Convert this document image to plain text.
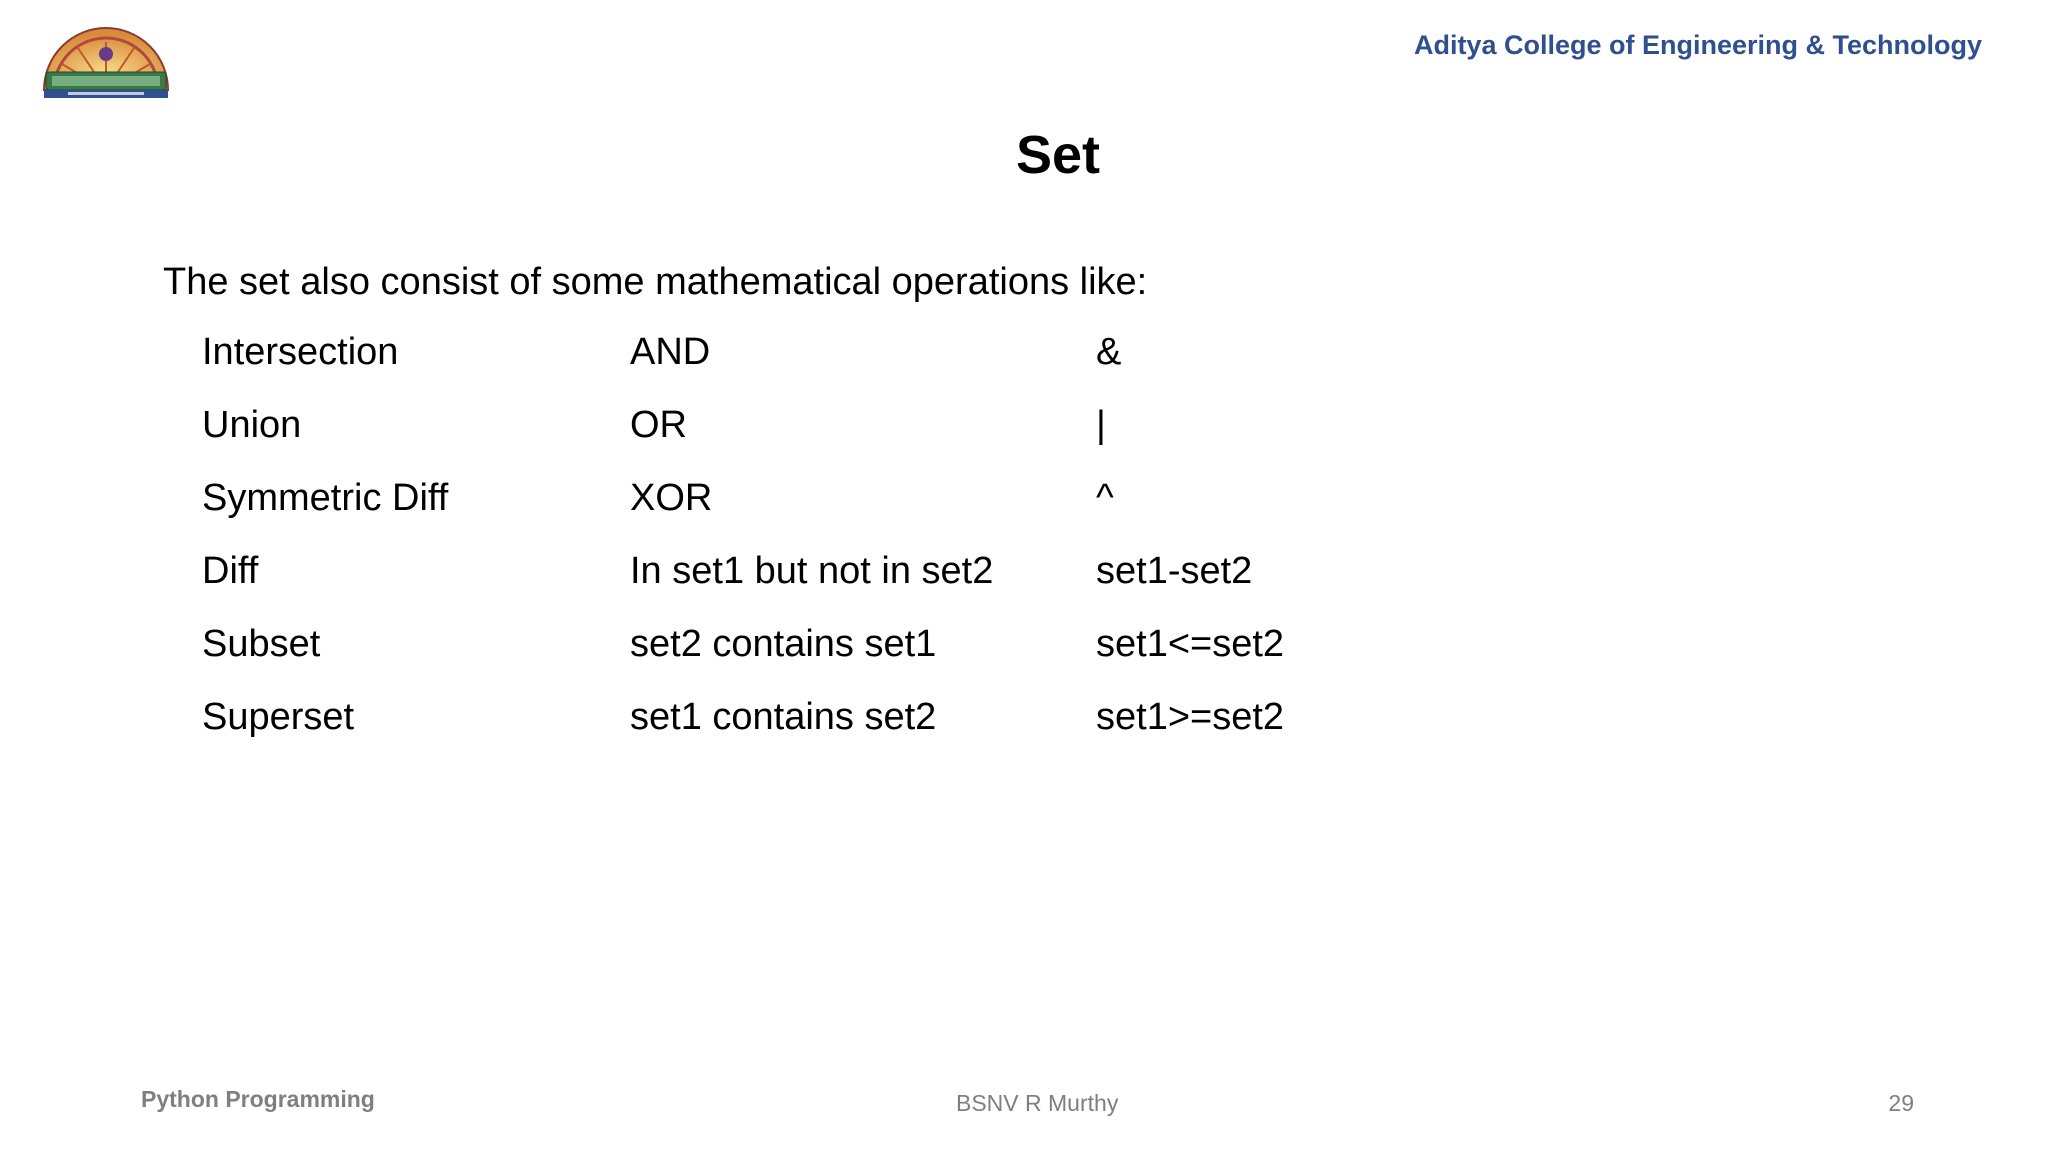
Aditya College of Engineering & Technology
Set
The set also consist of some mathematical operations like:
Intersection	AND	&
Union	OR	|
Symmetric Diff	XOR	^
Diff	In set1 but not in set2	set1-set2
Subset	set2 contains set1	set1<=set2
Superset	set1 contains set2	set1>=set2
Python Programming	BSNV R Murthy	29
